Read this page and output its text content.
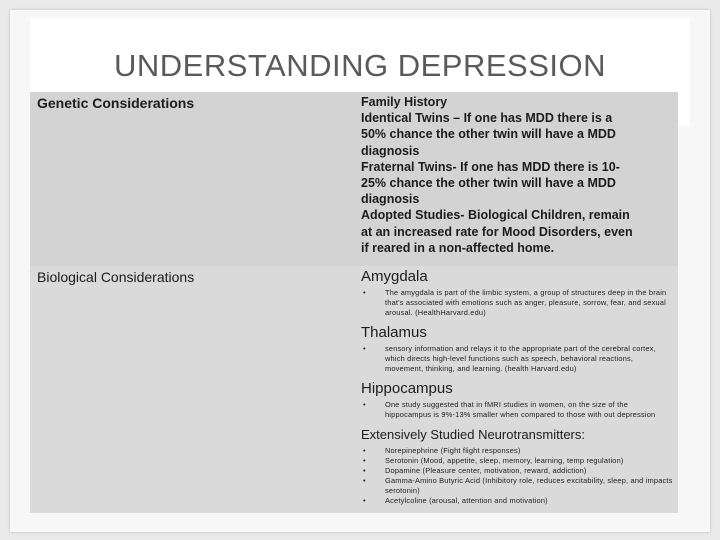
UNDERSTANDING DEPRESSION
Genetic Considerations	Family History

Identical Twins – If one has MDD there is a

50% chance the other twin will have a MDD

diagnosis

Fraternal Twins- If one has MDD there is 10-

25% chance the other twin will have a MDD

diagnosis

Adopted Studies- Biological Children, remain

at an increased rate for Mood Disorders, even

if reared in a non-affected home.

Biological Considerations	Amygdala

•	The amygdala is part of the limbic system, a group of structures deep in the brain that's associated with emotions such as anger, pleasure, sorrow, fear, and sexual arousal. (HealthHarvard.edu)

Thalamus

•	sensory information and relays it to the appropriate part of the cerebral cortex, which directs high-level functions such as speech, behavioral reactions, movement, thinking, and learning. (health Harvard.edu)

Hippocampus

•	One study suggested that in fMRI studies in women, on the size of the hippocampus is 9%-13% smaller when compared to those with out depression

Extensively Studied Neurotransmitters:

•	Norepinephrine (Fight flight responses)
•	Serotonin (Mood, appetite, sleep, memory, learning, temp regulation)
•	Dopamine (Pleasure center, motivation, reward, addiction)
•	Gamma-Amino Butyric Acid (Inhibitory role, reduces excitability, sleep, and impacts serotonin)
•	Acetylcoline (arousal, attention and motivation)
